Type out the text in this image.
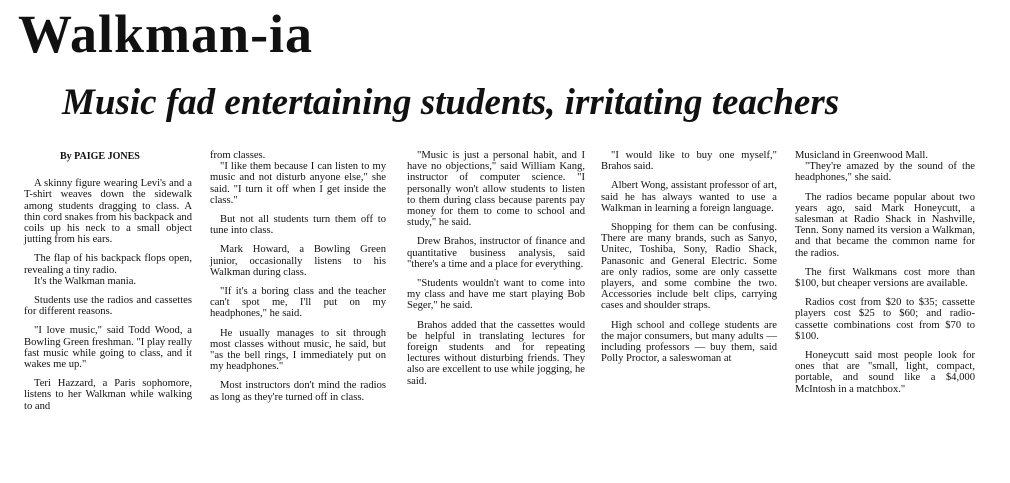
Walkman-ia
Music fad entertaining students, irritating teachers
By PAIGE JONES

A skinny figure wearing Levi's and a T-shirt weaves down the sidewalk among students dragging to class. A thin cord snakes from his backpack and coils up his neck to a small object jutting from his ears.

The flap of his backpack flops open, revealing a tiny radio.

It's the Walkman mania.

Students use the radios and cassettes for different reasons.

"I love music," said Todd Wood, a Bowling Green freshman. "I play really fast music while going to class, and it wakes me up."

Teri Hazzard, a Paris sophomore, listens to her Walkman while walking to and

from classes.

"I like them because I can listen to my music and not disturb anyone else," she said. "I turn it off when I get inside the class."

But not all students turn them off to tune into class.

Mark Howard, a Bowling Green junior, occasionally listens to his Walkman during class.

"If it's a boring class and the teacher can't spot me, I'll put on my headphones," he said.

He usually manages to sit through most classes without music, he said, but "as the bell rings, I immediately put on my headphones."

Most instructors don't mind the radios as long as they're turned off in class.

"Music is just a personal habit, and I have no objections," said William Kang, instructor of computer science. "I personally won't allow students to listen to them during class because parents pay money for them to come to school and study," he said.

Drew Brahos, instructor of finance and quantitative business analysis, said "there's a time and a place for everything.

"Students wouldn't want to come into my class and have me start playing Bob Seger," he said.

Brahos added that the cassettes would be helpful in translating lectures for foreign students and for repeating lectures without disturbing friends. They also are excellent to use while jogging, he said.

"I would like to buy one myself," Brahos said.

Albert Wong, assistant professor of art, said he has always wanted to use a Walkman in learning a foreign language.

Shopping for them can be confusing. There are many brands, such as Sanyo, Unitec, Toshiba, Sony, Radio Shack, Panasonic and General Electric. Some are only radios, some are only cassette players, and some combine the two. Accessories include belt clips, carrying cases and shoulder straps.

High school and college students are the major consumers, but many adults — including professors — buy them, said Polly Proctor, a saleswoman at

Musicland in Greenwood Mall.

"They're amazed by the sound of the headphones," she said.

The radios became popular about two years ago, said Mark Honeycutt, a salesman at Radio Shack in Nashville, Tenn. Sony named its version a Walkman, and that became the common name for the radios.

The first Walkmans cost more than $100, but cheaper versions are available.

Radios cost from $20 to $35; cassette players cost $25 to $60; and radio-cassette combinations cost from $70 to $100.

Honeycutt said most people look for ones that are "small, light, compact, portable, and sound like a $4,000 McIntosh in a matchbox."
